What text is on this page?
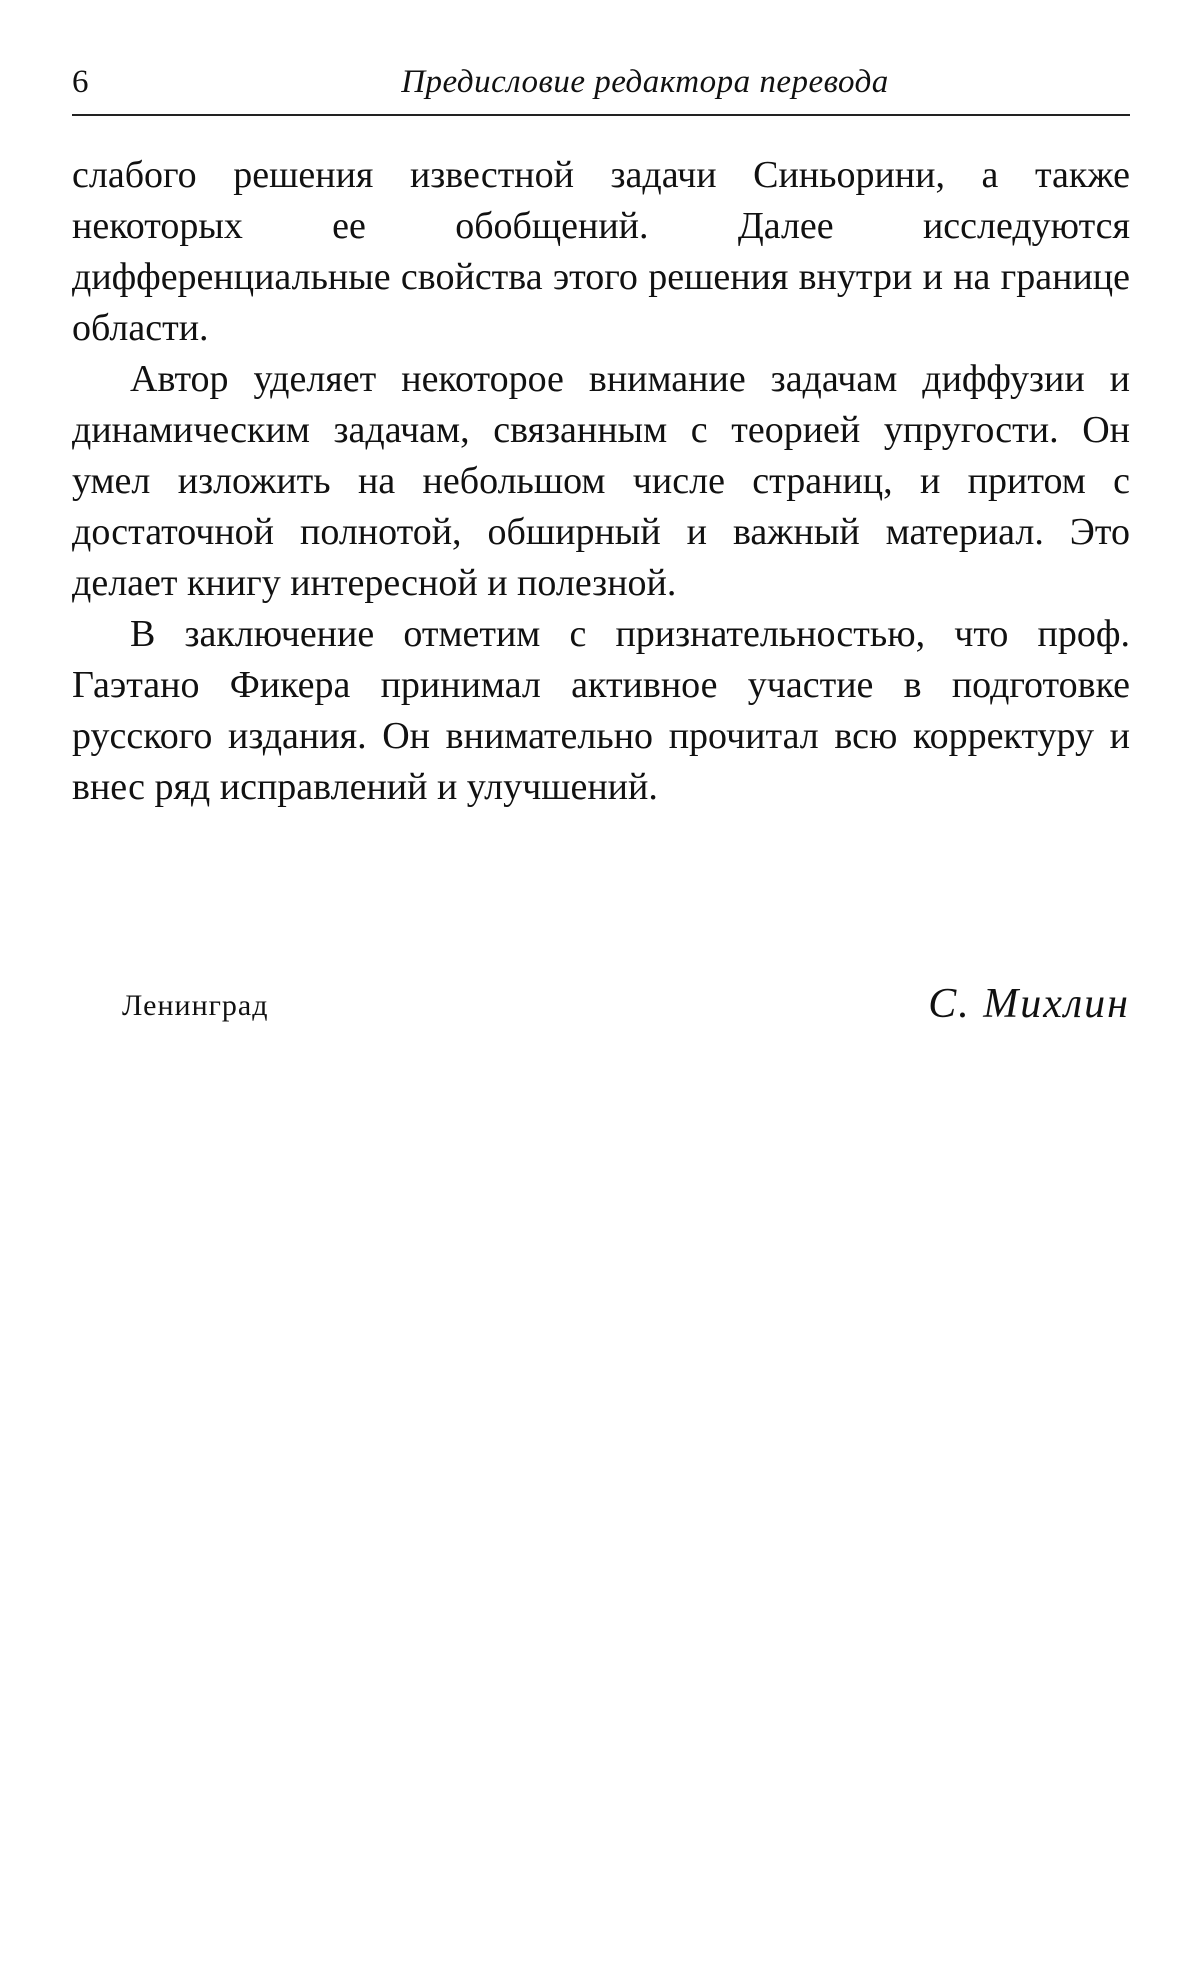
6	Предисловие редактора перевода

слабого решения известной задачи Синьорини, а также некоторых ее обобщений. Далее исследуются дифференциальные свойства этого решения внутри и на границе области.

Автор уделяет некоторое внимание задачам диффузии и динамическим задачам, связанным с теорией упругости. Он умел изложить на небольшом числе страниц, и притом с достаточной полнотой, обширный и важный материал. Это делает книгу интересной и полезной.

В заключение отметим с признательностью, что проф. Гаэтано Фикера принимал активное участие в подготовке русского издания. Он внимательно прочитал всю корректуру и внес ряд исправлений и улучшений.

Ленинград	С. Михлин
